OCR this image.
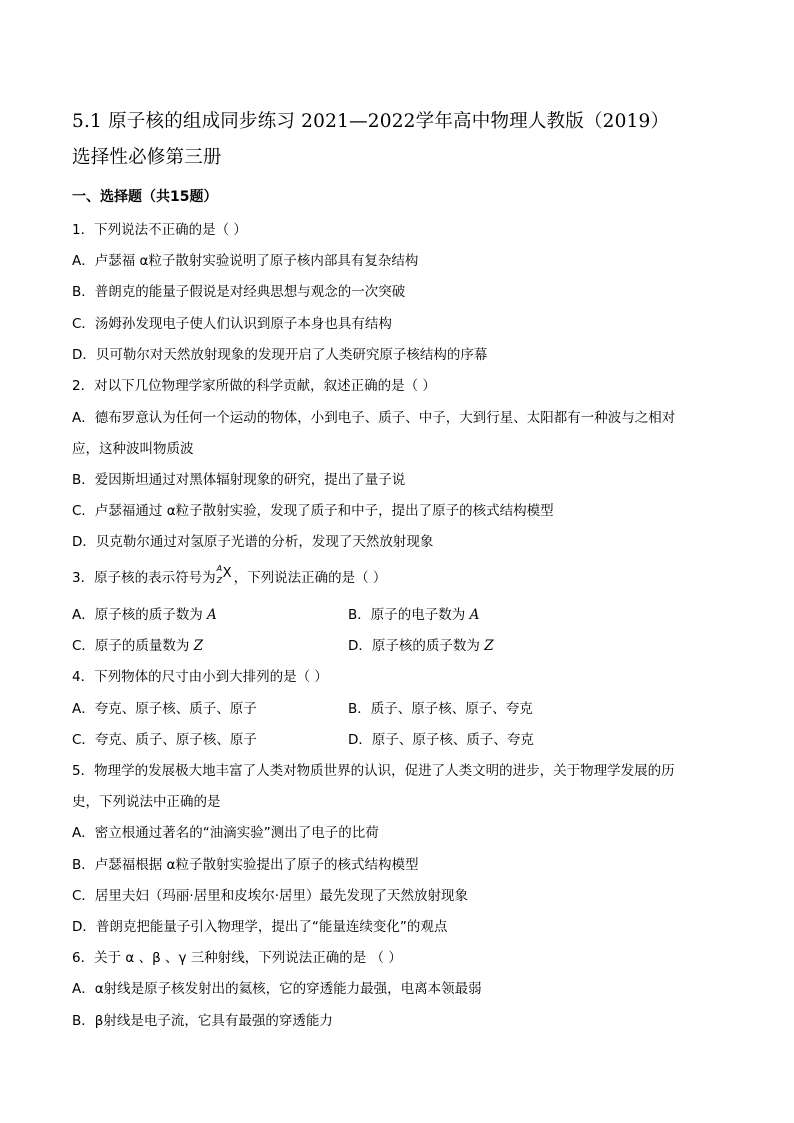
5.1 原子核的组成同步练习 2021—2022学年高中物理人教版（2019）
选择性必修第三册
一、选择题（共15题）
1．下列说法不正确的是（ ）
A．卢瑟福 α粒子散射实验说明了原子核内部具有复杂结构
B．普朗克的能量子假说是对经典思想与观念的一次突破
C．汤姆孙发现电子使人们认识到原子本身也具有结构
D．贝可勒尔对天然放射现象的发现开启了人类研究原子核结构的序幕
2．对以下几位物理学家所做的科学贡献，叙述正确的是（ ）
A．德布罗意认为任何一个运动的物体，小到电子、质子、中子，大到行星、太阳都有一种波与之相对
应，这种波叫物质波
B．爱因斯坦通过对黑体辐射现象的研究，提出了量子说
C．卢瑟福通过 α粒子散射实验，发现了质子和中子，提出了原子的核式结构模型
D．贝克勒尔通过对氢原子光谱的分析，发现了天然放射现象
3．原子核的表示符号为
A
Z X ，下列说法正确的是（ ）
A．原子核的质子数为 A	B．原子的电子数为 A
C．原子的质量数为 Z	D．原子核的质子数为 Z
4．下列物体的尺寸由小到大排列的是（ ）
A．夸克、原子核、质子、原子	B．质子、原子核、原子、夸克
C．夸克、质子、原子核、原子	D．原子、原子核、质子、夸克
5．物理学的发展极大地丰富了人类对物质世界的认识，促进了人类文明的进步，关于物理学发展的历
史，下列说法中正确的是
A．密立根通过著名的“油滴实验”测出了电子的比荷
B．卢瑟福根据 α粒子散射实验提出了原子的核式结构模型
C．居里夫妇（玛丽·居里和皮埃尔·居里）最先发现了天然放射现象
D．普朗克把能量子引入物理学，提出了“能量连续变化”的观点
6．关于 α 、β 、γ 三种射线，下列说法正确的是 （ ）
A．α射线是原子核发射出的氦核，它的穿透能力最强，电离本领最弱
B．β射线是电子流，它具有最强的穿透能力
